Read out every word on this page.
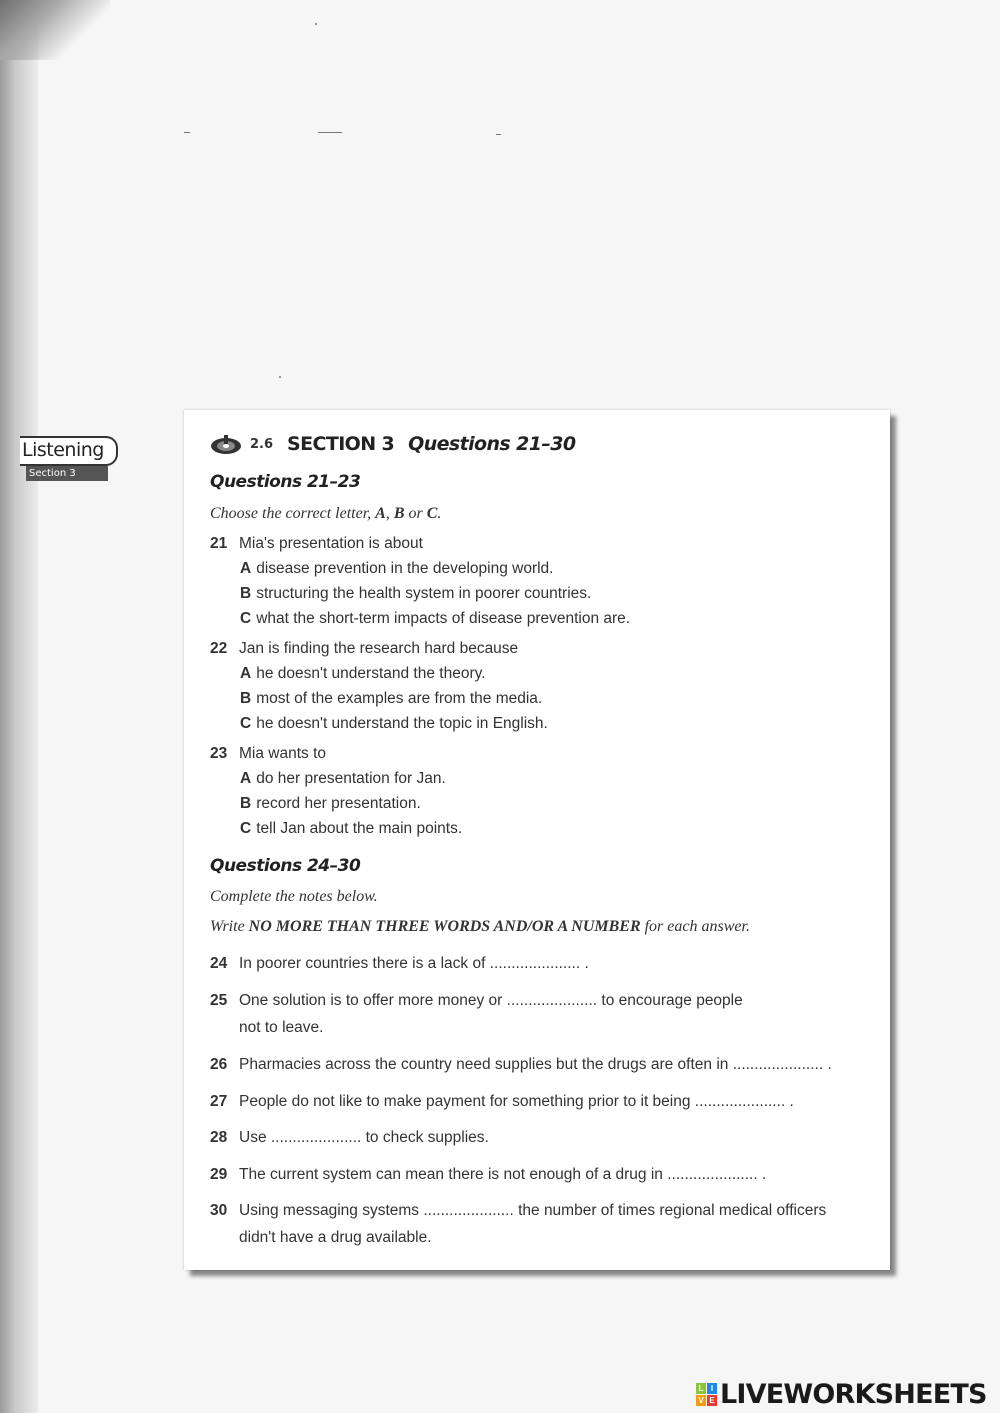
Listening
Section 3
2.6 SECTION 3 Questions 21–30
Questions 21–23
Choose the correct letter, A, B or C.
21 Mia's presentation is about
A disease prevention in the developing world.
B structuring the health system in poorer countries.
C what the short-term impacts of disease prevention are.
22 Jan is finding the research hard because
A he doesn't understand the theory.
B most of the examples are from the media.
C he doesn't understand the topic in English.
23 Mia wants to
A do her presentation for Jan.
B record her presentation.
C tell Jan about the main points.
Questions 24–30
Complete the notes below.
Write NO MORE THAN THREE WORDS AND/OR A NUMBER for each answer.
24 In poorer countries there is a lack of ..................... .
25 One solution is to offer more money or ..................... to encourage people
not to leave.
26 Pharmacies across the country need supplies but the drugs are often in ..................... .
27 People do not like to make payment for something prior to it being ..................... .
28 Use ..................... to check supplies.
29 The current system can mean there is not enough of a drug in ..................... .
30 Using messaging systems ..................... the number of times regional medical officers
didn't have a drug available.
L I
V E LIVEWORKSHEETS
